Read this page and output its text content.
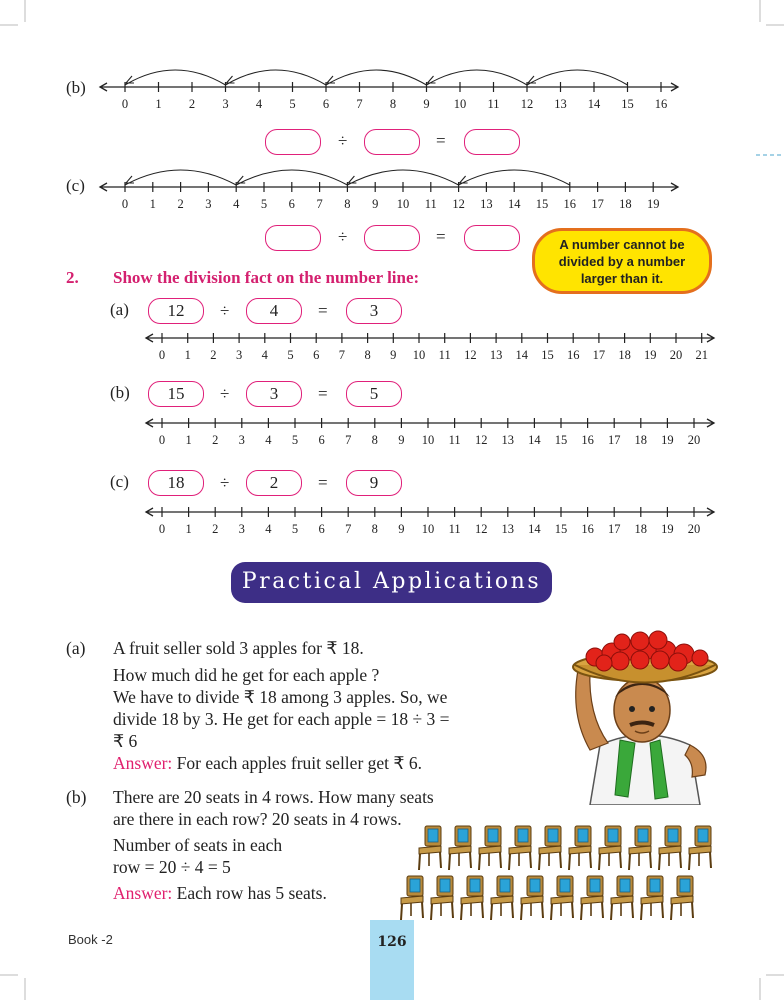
(b)
0 1 2 3 4 5 6 7 8 9 10 11 12 13 14 15 16
÷	=
(c)
0 1 2 3 4 5 6 7 8 9 10 11 12 13 14 15 16 17 18 19
÷	=	A number cannot be
divided by a number
larger than it.
2. Show the division fact on the number line:
(a)	12	÷	4	=	3
0 1 2 3 4 5 6 7 8 9 10 11 12 13 14 15 16 17 18 19 20 21
(b)	15	÷	3	=	5
0 1 2 3 4 5 6 7 8 9 10 11 12 13 14 15 16 17 18 19 20
(c)	18	÷	2	=	9
0 1 2 3 4 5 6 7 8 9 10 11 12 13 14 15 16 17 18 19 20
Practical Applications
(a) A fruit seller sold 3 apples for ₹ 18.
How much did he get for each apple ?
We have to divide ₹ 18 among 3 apples. So, we
divide 18 by 3. He get for each apple = 18 ÷ 3 =
₹ 6
Answer: For each apples fruit seller get ₹ 6.
(b) There are 20 seats in 4 rows. How many seats
are there in each row? 20 seats in 4 rows.
Number of seats in each
row = 20 ÷ 4 = 5
Answer: Each row has 5 seats.
Book -2	126
